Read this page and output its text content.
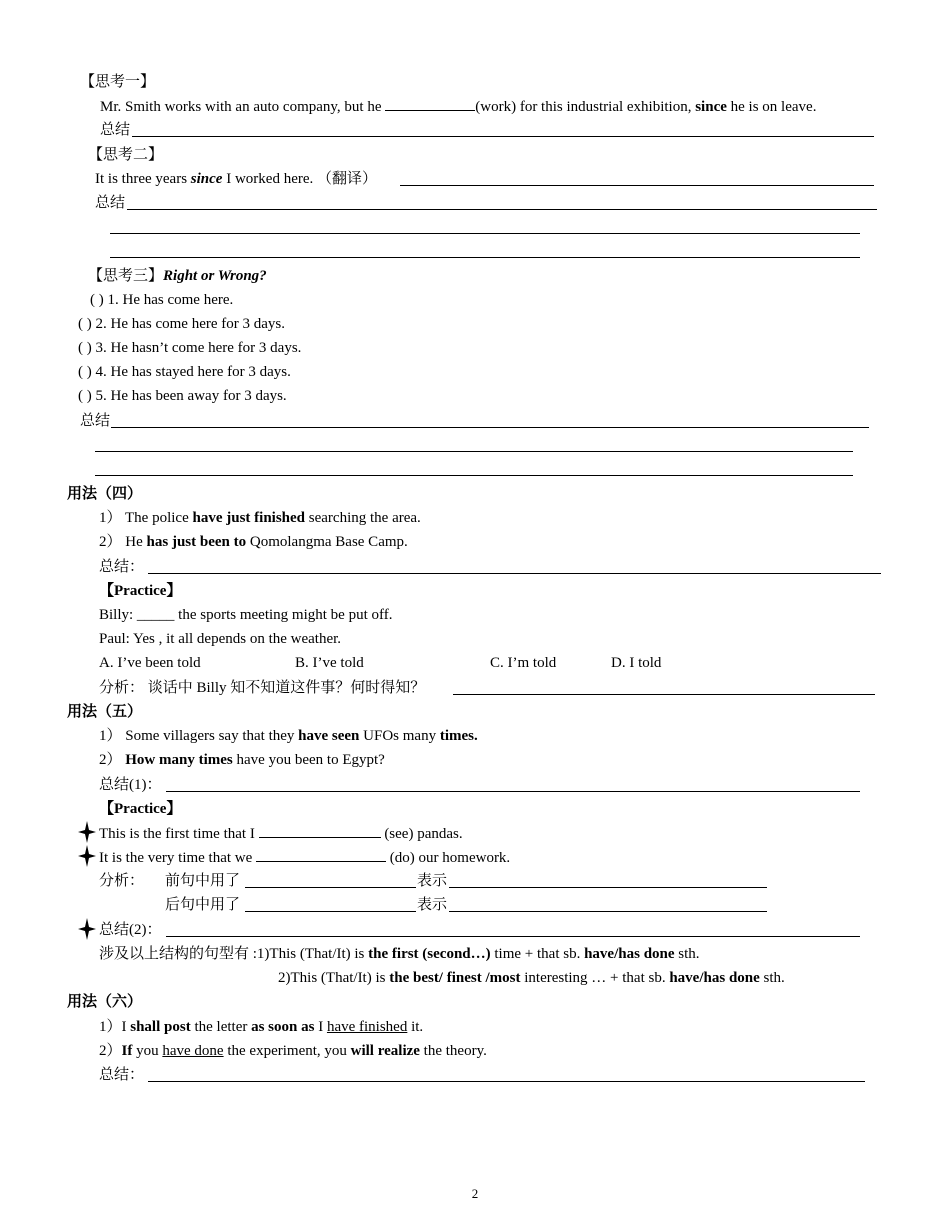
【思考一】
Mr. Smith works with an auto company, but he	(work) for this industrial exhibition, since he is on leave.
总结
【思考二】
It is three years since I worked here. （翻译）
总结
【思考三】Right or Wrong?
( ) 1. He has come here.
( ) 2. He has come here for 3 days.
( ) 3. He hasn’t come here for 3 days.
( ) 4. He has stayed here for 3 days.
( ) 5. He has been away for 3 days.
总结
用法（四）
1） The police have just finished searching the area.
2） He has just been to Qomolangma Base Camp.
总结：
【Practice】
Billy: _____ the sports meeting might be put off.
Paul: Yes , it all depends on the weather.
A. I’ve been told	B. I’ve told	C. I’m told	D. I told
分析： 谈话中 Billy 知不知道这件事？何时得知？
用法（五）
1） Some villagers say that they have seen UFOs many times.
2） How many times have you been to Egypt?
总结(1)：
【Practice】
This is the first time that I	(see) pandas.
It is the very time that we	(do) our homework.
分析： 前句中用了	表示
后句中用了	表示
总结(2)：
涉及以上结构的句型有 :1)This (That/It) is the first (second…) time + that sb. have/has done sth.
2)This (That/It) is the best/ finest /most interesting … + that sb. have/has done sth.
用法（六）
1）I shall post the letter as soon as I have finished it.
2）If you have done the experiment, you will realize the theory.
总结：
2
